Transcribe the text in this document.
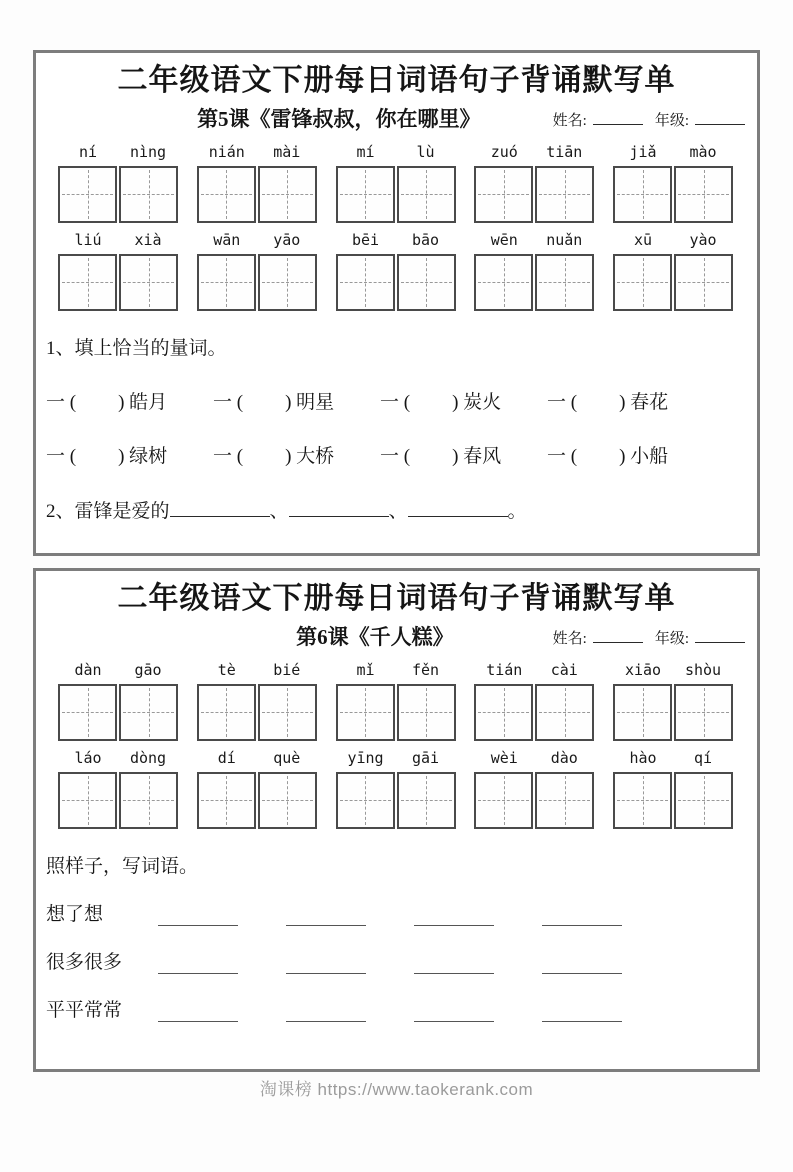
二年级语文下册每日词语句子背诵默写单
第5课《雷锋叔叔，你在哪里》	姓名:	年级:
ní	nìng	nián	mài	mí	lù	zuó	tiān	jiǎ	mào
liú	xià	wān	yāo	bēi	bāo	wēn	nuǎn	xū	yào

1、填上恰当的量词。

一 ( ) 皓月	一 ( ) 明星	一 ( ) 炭火	一 ( ) 春花
一 ( ) 绿树	一 ( ) 大桥	一 ( ) 春风	一 ( ) 小船

2、雷锋是爱的	、	、	。

二年级语文下册每日词语句子背诵默写单
第6课《千人糕》	姓名:	年级:
dàn	gāo	tè	bié	mǐ	fěn	tián	cài	xiāo	shòu
láo	dòng	dí	què	yīng	gāi	wèi	dào	hào	qí

照样子，写词语。

想了想
很多很多
平平常常
淘课榜 https://www.taokerank.com
